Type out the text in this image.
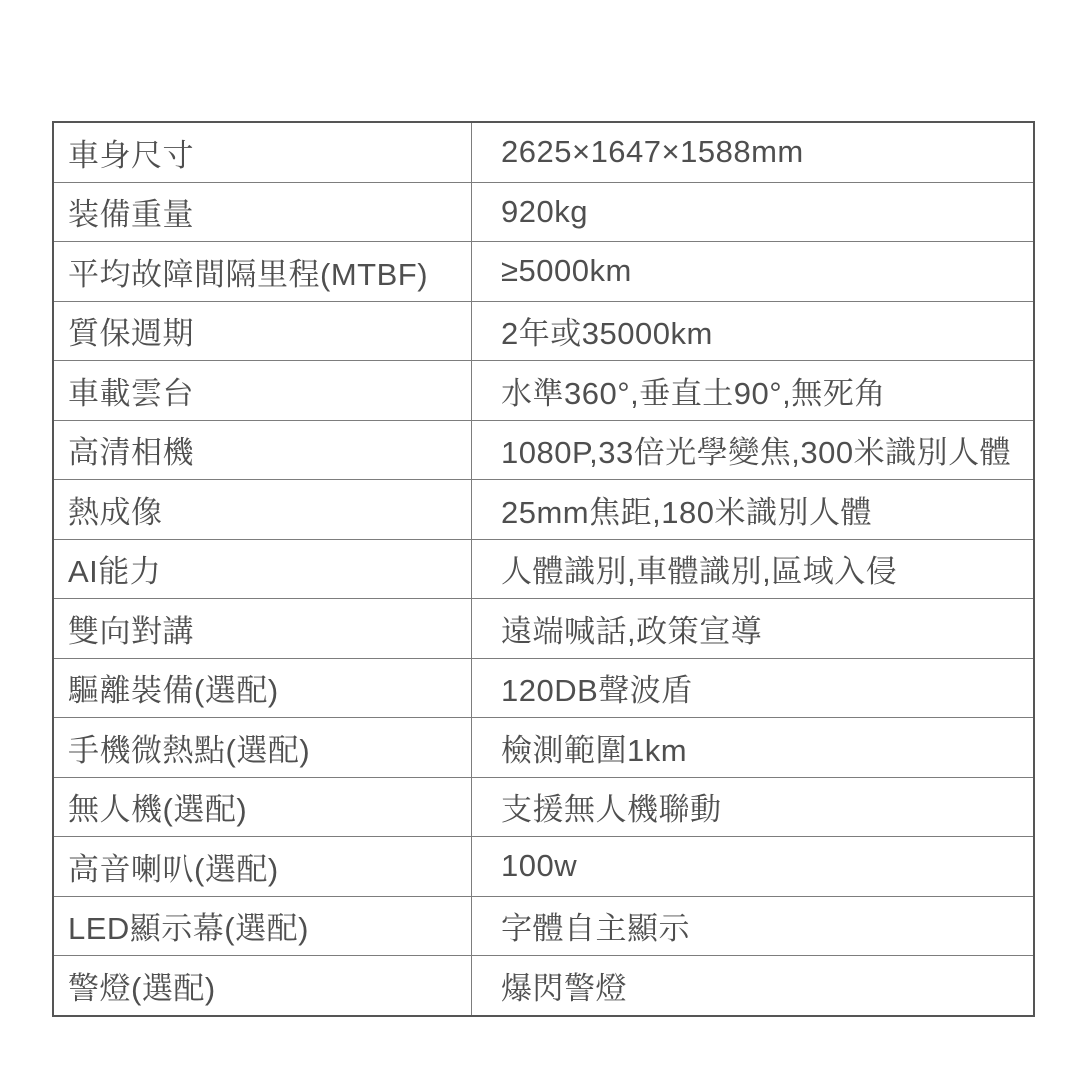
車身尺寸	2625×1647×1588mm
装備重量	920kg
平均故障間隔里程(MTBF)	≥5000km
質保週期	2年或35000km
車載雲台	水準360°,垂直土90°,無死角
高清相機	1080P,33倍光學變焦,300米識別人體
熱成像	25mm焦距,180米識別人體
AI能力	人體識別,車體識別,區域入侵
雙向對講	遠端喊話,政策宣導
驅離裝備(選配)	120DB聲波盾
手機微熱點(選配)	檢測範圍1km
無人機(選配)	支援無人機聯動
高音喇叭(選配)	100w
LED顯示幕(選配)	字體自主顯示
警燈(選配)	爆閃警燈
